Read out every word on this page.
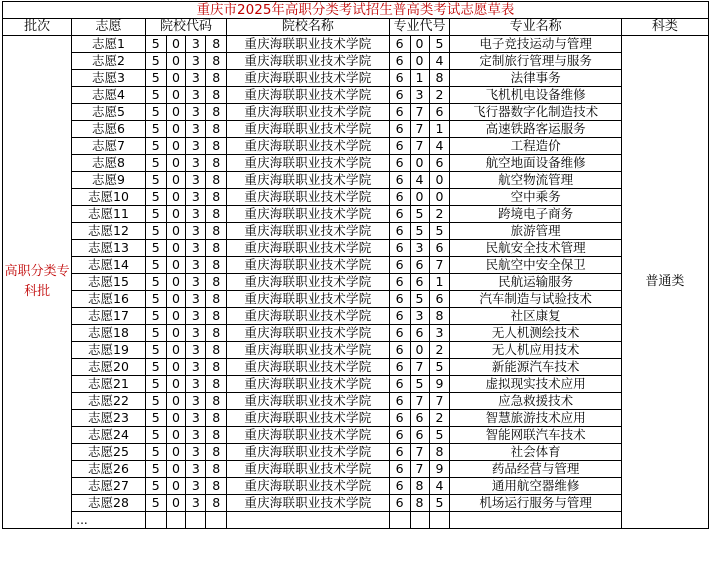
重庆市2025年高职分类考试招生普高类考试志愿草表											
批次	志愿	院校代码				院校名称	专业代号			专业名称	科类
高职分类专科批	志愿1	5	0	3	8	重庆海联职业技术学院	6	0	5	电子竞技运动与管理	普通类
	志愿2	5	0	3	8	重庆海联职业技术学院	6	0	4	定制旅行管理与服务	
	志愿3	5	0	3	8	重庆海联职业技术学院	6	1	8	法律事务	
	志愿4	5	0	3	8	重庆海联职业技术学院	6	3	2	飞机机电设备维修	
	志愿5	5	0	3	8	重庆海联职业技术学院	6	7	6	飞行器数字化制造技术	
	志愿6	5	0	3	8	重庆海联职业技术学院	6	7	1	高速铁路客运服务	
	志愿7	5	0	3	8	重庆海联职业技术学院	6	7	4	工程造价	
	志愿8	5	0	3	8	重庆海联职业技术学院	6	0	6	航空地面设备维修	
	志愿9	5	0	3	8	重庆海联职业技术学院	6	4	0	航空物流管理	
	志愿10	5	0	3	8	重庆海联职业技术学院	6	0	0	空中乘务	
	志愿11	5	0	3	8	重庆海联职业技术学院	6	5	2	跨境电子商务	
	志愿12	5	0	3	8	重庆海联职业技术学院	6	5	5	旅游管理	
	志愿13	5	0	3	8	重庆海联职业技术学院	6	3	6	民航安全技术管理	
	志愿14	5	0	3	8	重庆海联职业技术学院	6	6	7	民航空中安全保卫	
	志愿15	5	0	3	8	重庆海联职业技术学院	6	6	1	民航运输服务	
	志愿16	5	0	3	8	重庆海联职业技术学院	6	5	6	汽车制造与试验技术	
	志愿17	5	0	3	8	重庆海联职业技术学院	6	3	8	社区康复	
	志愿18	5	0	3	8	重庆海联职业技术学院	6	6	3	无人机测绘技术	
	志愿19	5	0	3	8	重庆海联职业技术学院	6	0	2	无人机应用技术	
	志愿20	5	0	3	8	重庆海联职业技术学院	6	7	5	新能源汽车技术	
	志愿21	5	0	3	8	重庆海联职业技术学院	6	5	9	虚拟现实技术应用	
	志愿22	5	0	3	8	重庆海联职业技术学院	6	7	7	应急救援技术	
	志愿23	5	0	3	8	重庆海联职业技术学院	6	6	2	智慧旅游技术应用	
	志愿24	5	0	3	8	重庆海联职业技术学院	6	6	5	智能网联汽车技术	
	志愿25	5	0	3	8	重庆海联职业技术学院	6	7	8	社会体育	
	志愿26	5	0	3	8	重庆海联职业技术学院	6	7	9	药品经营与管理	
	志愿27	5	0	3	8	重庆海联职业技术学院	6	8	4	通用航空器维修	
	志愿28	5	0	3	8	重庆海联职业技术学院	6	8	5	机场运行服务与管理	
	...										
